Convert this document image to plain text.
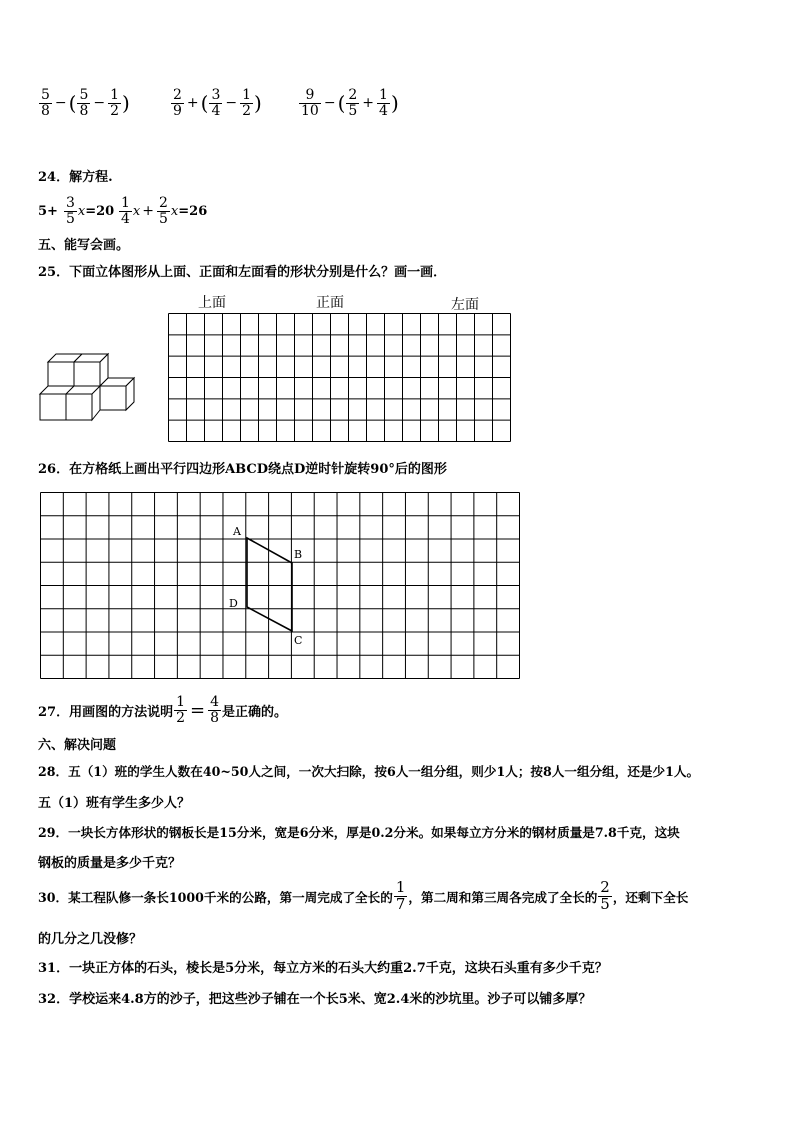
$\frac{5}{8}$ − ( $\frac{5}{8} - \frac{1}{2}$ )	$\frac{2}{9}$ + ( $\frac{3}{4} - \frac{1}{2}$ )	$\frac{9}{10}$ − ( $\frac{2}{5} + \frac{1}{4}$ )
24．解方程.
$5+ \frac{3}{5}$ $x =20 \frac{1}{4}$ $x + \frac{2}{5}$ x =26
五、能写会画。
25．下面立体图形从上面、正面和左面看的形状分别是什么？画一画．
上面	正面	左面
26．在方格纸上画出平行四边形ABCD绕点D逆时针旋转90°后的图形
A
B
D
C
27．用画图的方法说明 $\frac{1}{2} = \frac{4}{8}$ 是正确的。
六、解决问题
28．五（1）班的学生人数在40~50人之间，一次大扫除，按6人一组分组，则少1人；按8人一组分组，还是少1人。
五（1）班有学生多少人？
29．一块长方体形状的钢板长是15分米，宽是6分米，厚是0.2分米。如果每立方分米的钢材质量是7.8千克，这块
钢板的质量是多少千克？
30．某工程队修一条长1000千米的公路，第一周完成了全长的 $\frac{1}{7}$ ，第二周和第三周各完成了全长的 $\frac{2}{5}$ ，还剩下全长
的几分之几没修？
31．一块正方体的石头，棱长是5分米，每立方米的石头大约重2.7千克，这块石头重有多少千克？
32．学校运来4.8方的沙子，把这些沙子铺在一个长5米、宽2.4米的沙坑里。沙子可以铺多厚？
